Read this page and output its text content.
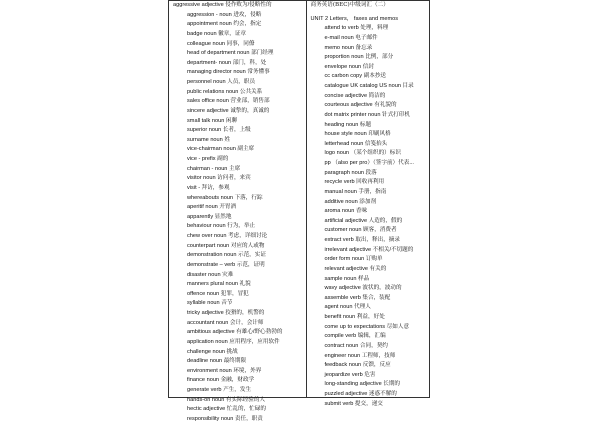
aggressive adjective 侵作败为/侵略性的
aggression - noun 进攻，侵略
appointment noun 约会，指定
badge noun 徽章，证章
colleague noun 同事，同僚
head of department noun 部门经理
department- noun 部门，科，处
managing director noun 常务懂事
personnel noun 人员，职员
public relations noun 公共关系
sales office noun 营业部，销售部
sincere adjective 诚挚的，真诚的
small talk noun 闲聊
superior noun 长者，上级
surname noun 姓
vice-chairman noun 副主席
vice - prefix 副的
chairman - noun 主席
visitor noun 访问者，来宾
visit - 拜访，参观
whereabouts noun 下落，行踪
aperitif noun 开胃酒
apparently 显然地
behaviour noun 行为，举止
chew over noun 考虑，详细讨论
counterpart noun 对应的人或物
demonstration noun 示范，实证
demonstrate – verb 示范，证明
disaster noun 灾难
manners plural noun 礼貌
offence noun 犯罪，冒犯
syllable noun 音节
tricky adjective 狡猾的，机警的
accountant noun 会计，会计师
ambitious adjective 有雄心/野心勃勃的
application noun 应用程序，应用软件
challenge noun 挑战
deadline noun 最终期限
environment noun 环境，外界
finance noun 金融，财政学
generate verb 产生，发生
hands-on noun 有实际经验的人
hectic adjective 忙乱的，忙碌的
responsibility noun 责任，职责
商务英语(BEC)中级词汇（二）
UNIT 2 Letters， faxes and memos
attend to verb 处理，料理
e-mail noun 电子邮件
memo noun 备忘录
proportion noun 比例，部分
envelope noun 信封
cc carbon copy 副本抄送
catalogue UK catalog US noun 目录
concise adjective 简洁的
courteous adjective 有礼貌的
dot matrix printer noun 针式打印机
heading noun 标题
house style noun 印刷风格
letterhead noun 信笺抬头
logo noun （某个组织的）标识
pp （also per pro）（签字前）代表...
paragraph noun 段落
recycle verb 回收再利用
manual noun 手册，指南
additive noun 添加剂
aroma noun 香味
artificial adjective 人造的，假的
customer noun 顾客，消费者
extract verb 取出，释出，摘录
irrelevant adjective 不相关/不切题的
order form noun 订购单
relevant adjective 有关的
sample noun 样品
wavy adjective 波状的，波动的
assemble verb 集合，装配
agent noun 代理人
benefit noun 利益，好处
come up to expectations 尽如人意
compile verb 编辑，汇编
contract noun 合同，契约
engineer noun 工程师，技师
feedback noun 反馈，反应
jeopardize verb 危害
long-standing adjective 长期的
puzzled adjective 迷惑不解的
submit verb 提交，递交
